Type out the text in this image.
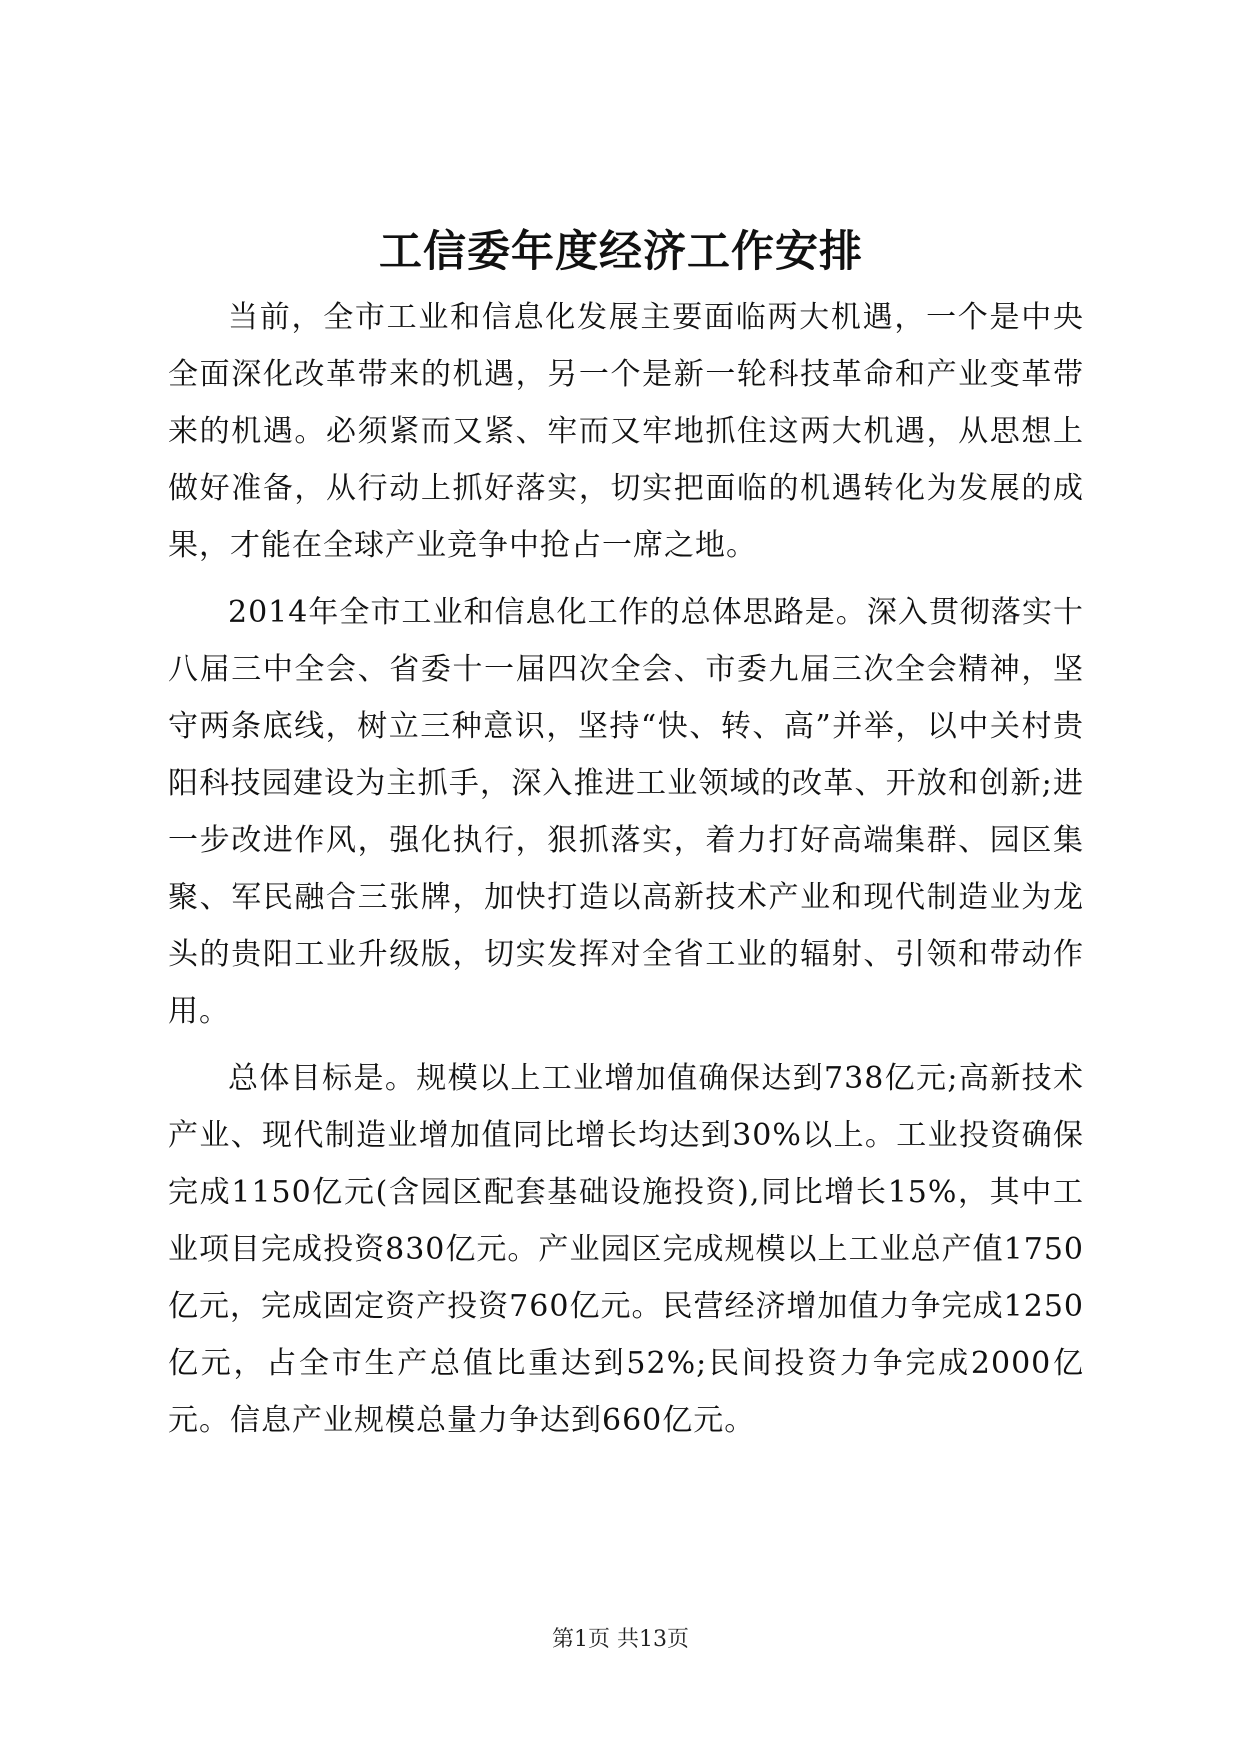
工信委年度经济工作安排

当前，全市工业和信息化发展主要面临两大机遇，一个是中央全面深化改革带来的机遇，另一个是新一轮科技革命和产业变革带来的机遇。必须紧而又紧、牢而又牢地抓住这两大机遇，从思想上做好准备，从行动上抓好落实，切实把面临的机遇转化为发展的成果，才能在全球产业竞争中抢占一席之地。

2014年全市工业和信息化工作的总体思路是。深入贯彻落实十八届三中全会、省委十一届四次全会、市委九届三次全会精神，坚守两条底线，树立三种意识，坚持“快、转、高”并举，以中关村贵阳科技园建设为主抓手，深入推进工业领域的改革、开放和创新;进一步改进作风，强化执行，狠抓落实，着力打好高端集群、园区集聚、军民融合三张牌，加快打造以高新技术产业和现代制造业为龙头的贵阳工业升级版，切实发挥对全省工业的辐射、引领和带动作用。

总体目标是。规模以上工业增加值确保达到738亿元;高新技术产业、现代制造业增加值同比增长均达到30%以上。工业投资确保完成1150亿元(含园区配套基础设施投资),同比增长15%，其中工业项目完成投资830亿元。产业园区完成规模以上工业总产值1750亿元，完成固定资产投资760亿元。民营经济增加值力争完成1250亿元，占全市生产总值比重达到52%;民间投资力争完成2000亿元。信息产业规模总量力争达到660亿元。

第1页 共13页
